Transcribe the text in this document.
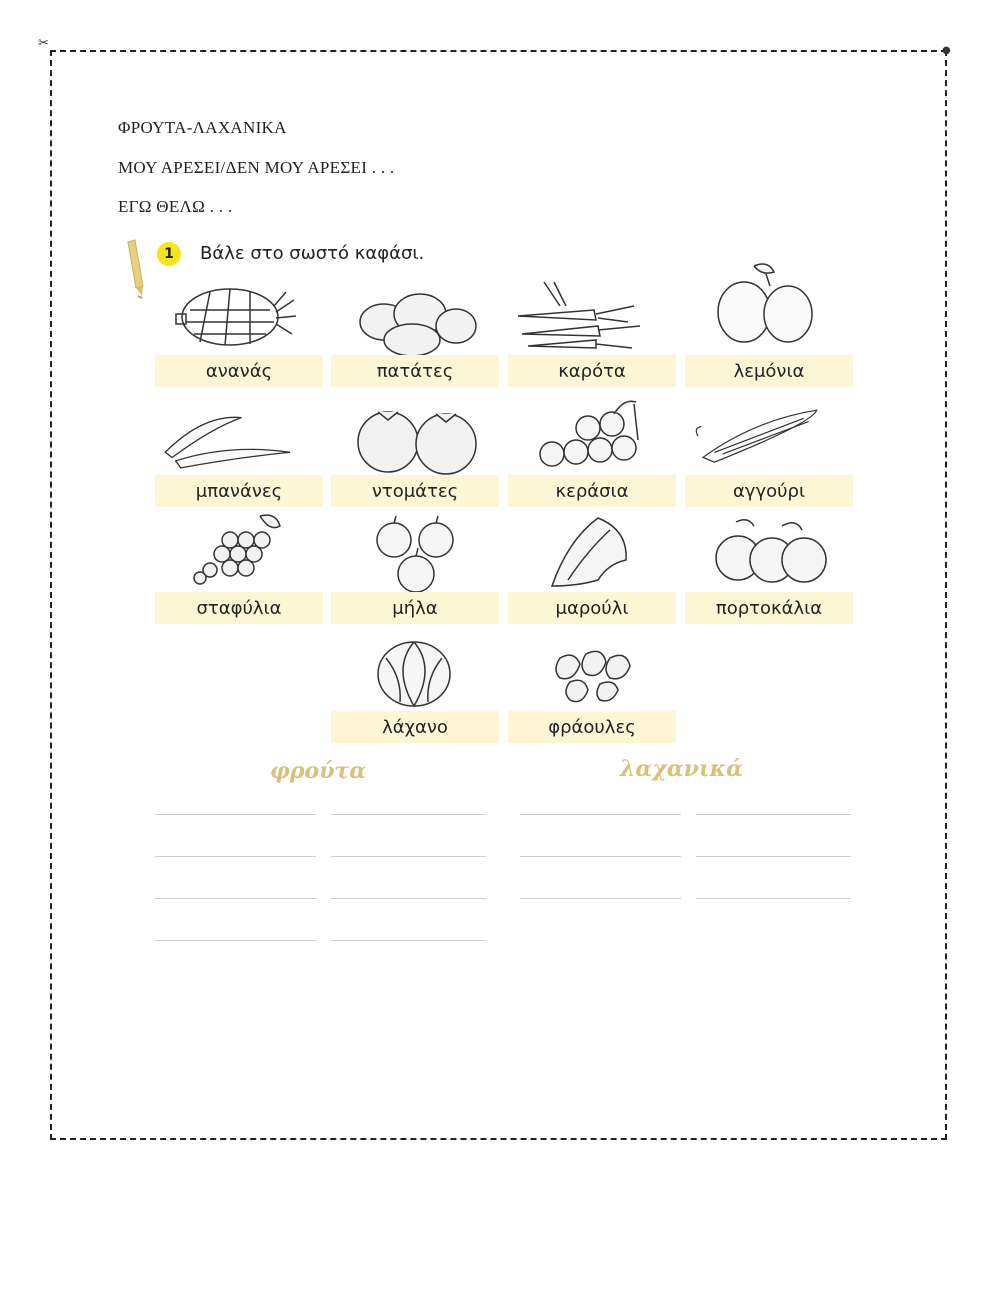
✂	●
ΦΡΟΥΤΑ-ΛΑΧΑΝΙΚΑ
ΜΟΥ ΑΡΕΣΕΙ/ΔΕΝ ΜΟΥ ΑΡΕΣΕΙ . . .
ΕΓΩ ΘΕΛΩ . . .
1	Βάλε στο σωστό καφάσι.
ανανάς	πατάτες	καρότα	λεμόνια
μπανάνες	ντομάτες	κεράσια	αγγούρι
σταφύλια	μήλα	μαρούλι	πορτοκάλια
λάχανο	φράουλες
φρούτα	λαχανικά
